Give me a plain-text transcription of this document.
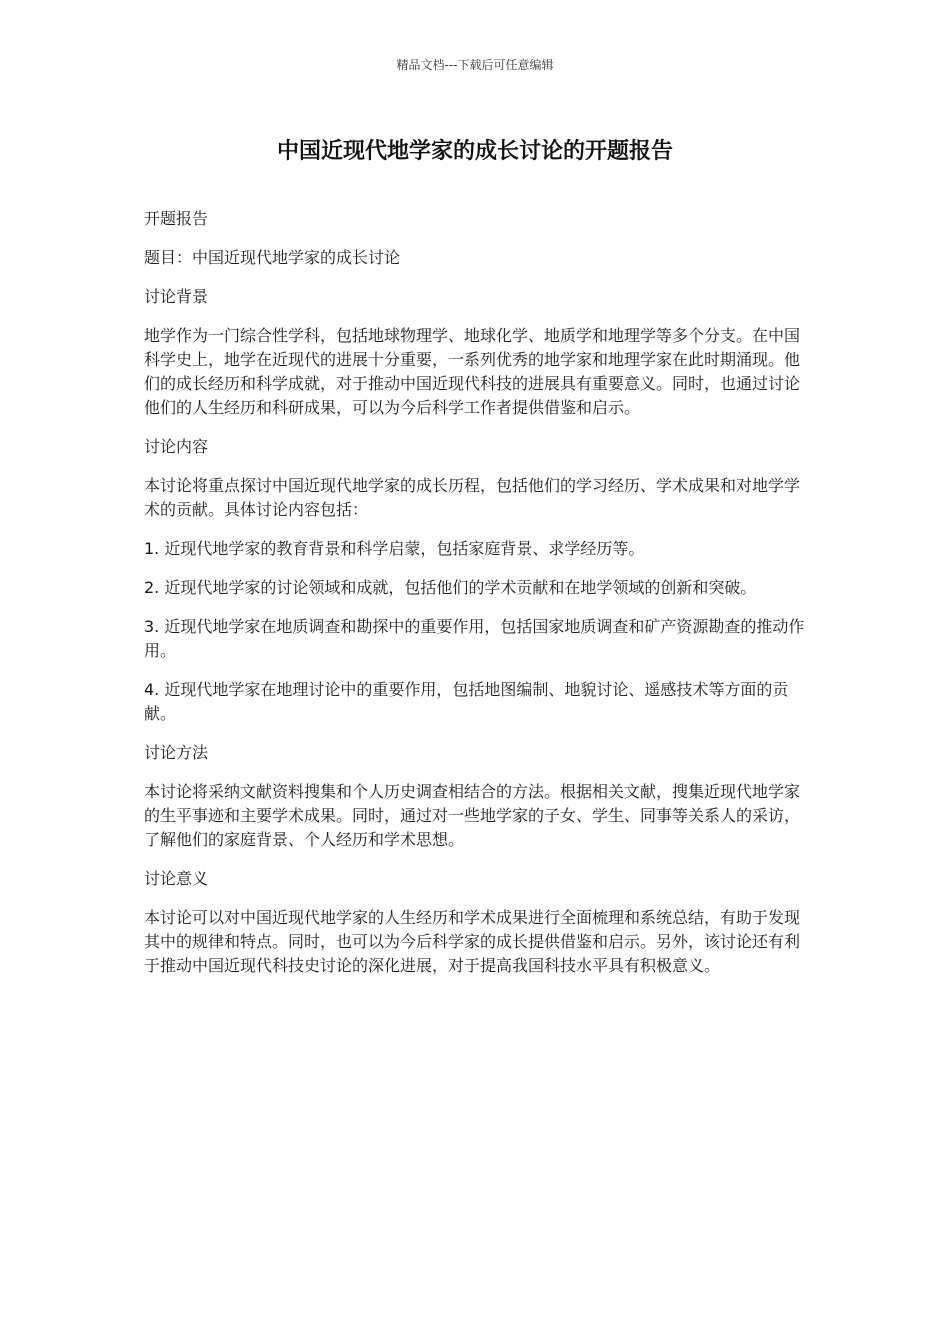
精品文档---下载后可任意编辑
中国近现代地学家的成长讨论的开题报告

开题报告

题目：中国近现代地学家的成长讨论

讨论背景

地学作为一门综合性学科，包括地球物理学、地球化学、地质学和地理学等多个分支。在中国科学史上，地学在近现代的进展十分重要，一系列优秀的地学家和地理学家在此时期涌现。他们的成长经历和科学成就，对于推动中国近现代科技的进展具有重要意义。同时，也通过讨论他们的人生经历和科研成果，可以为今后科学工作者提供借鉴和启示。

讨论内容

本讨论将重点探讨中国近现代地学家的成长历程，包括他们的学习经历、学术成果和对地学学术的贡献。具体讨论内容包括：

1. 近现代地学家的教育背景和科学启蒙，包括家庭背景、求学经历等。

2. 近现代地学家的讨论领域和成就，包括他们的学术贡献和在地学领域的创新和突破。

3. 近现代地学家在地质调查和勘探中的重要作用，包括国家地质调查和矿产资源勘查的推动作用。

4. 近现代地学家在地理讨论中的重要作用，包括地图编制、地貌讨论、遥感技术等方面的贡献。

讨论方法

本讨论将采纳文献资料搜集和个人历史调查相结合的方法。根据相关文献，搜集近现代地学家的生平事迹和主要学术成果。同时，通过对一些地学家的子女、学生、同事等关系人的采访，了解他们的家庭背景、个人经历和学术思想。

讨论意义

本讨论可以对中国近现代地学家的人生经历和学术成果进行全面梳理和系统总结，有助于发现其中的规律和特点。同时，也可以为今后科学家的成长提供借鉴和启示。另外，该讨论还有利于推动中国近现代科技史讨论的深化进展，对于提高我国科技水平具有积极意义。
